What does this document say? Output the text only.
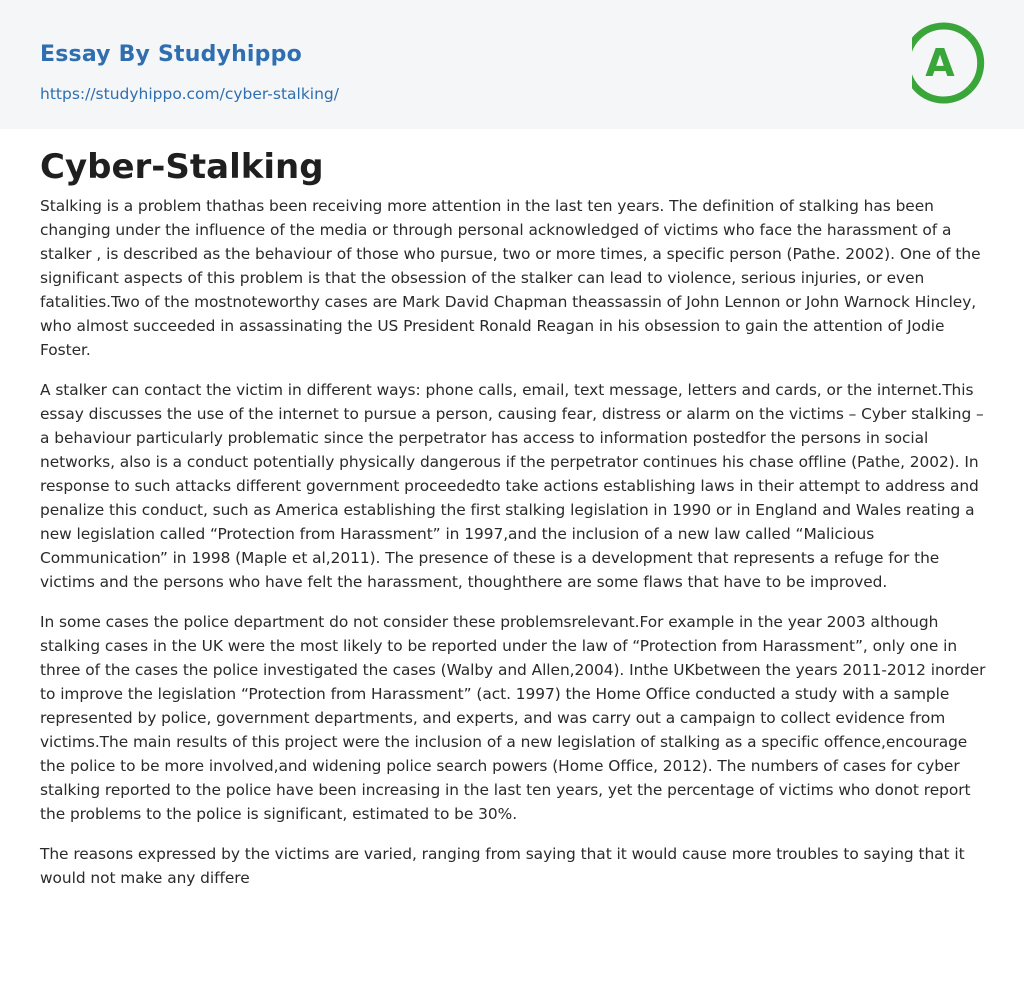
Essay By Studyhippo
https://studyhippo.com/cyber-stalking/
A
Cyber-Stalking

Stalking is a problem thathas been receiving more attention in the last ten years. The definition of stalking has been changing under the influence of the media or through personal acknowledged of victims who face the harassment of a stalker , is described as the behaviour of those who pursue, two or more times, a specific person (Pathe. 2002). One of the significant aspects of this problem is that the obsession of the stalker can lead to violence, serious injuries, or even fatalities.Two of the mostnoteworthy cases are Mark David Chapman theassassin of John Lennon or John Warnock Hincley, who almost succeeded in assassinating the US President Ronald Reagan in his obsession to gain the attention of Jodie Foster.

A stalker can contact the victim in different ways: phone calls, email, text message, letters and cards, or the internet.This essay discusses the use of the internet to pursue a person, causing fear, distress or alarm on the victims – Cyber stalking – a behaviour particularly problematic since the perpetrator has access to information postedfor the persons in social networks, also is a conduct potentially physically dangerous if the perpetrator continues his chase offline (Pathe, 2002). In response to such attacks different government proceededto take actions establishing laws in their attempt to address and penalize this conduct, such as America establishing the first stalking legislation in 1990 or in England and Wales reating a new legislation called “Protection from Harassment” in 1997,and the inclusion of a new law called “Malicious Communication” in 1998 (Maple et al,2011). The presence of these is a development that represents a refuge for the victims and the persons who have felt the harassment, thoughthere are some flaws that have to be improved.

In some cases the police department do not consider these problemsrelevant.For example in the year 2003 although stalking cases in the UK were the most likely to be reported under the law of “Protection from Harassment”, only one in three of the cases the police investigated the cases (Walby and Allen,2004). Inthe UKbetween the years 2011-2012 inorder to improve the legislation “Protection from Harassment” (act. 1997) the Home Office conducted a study with a sample represented by police, government departments, and experts, and was carry out a campaign to collect evidence from victims.The main results of this project were the inclusion of a new legislation of stalking as a specific offence,encourage the police to be more involved,and widening police search powers (Home Office, 2012). The numbers of cases for cyber stalking reported to the police have been increasing in the last ten years, yet the percentage of victims who donot report the problems to the police is significant, estimated to be 30%.

The reasons expressed by the victims are varied, ranging from saying that it would cause more troubles to saying that it would not make any differe
